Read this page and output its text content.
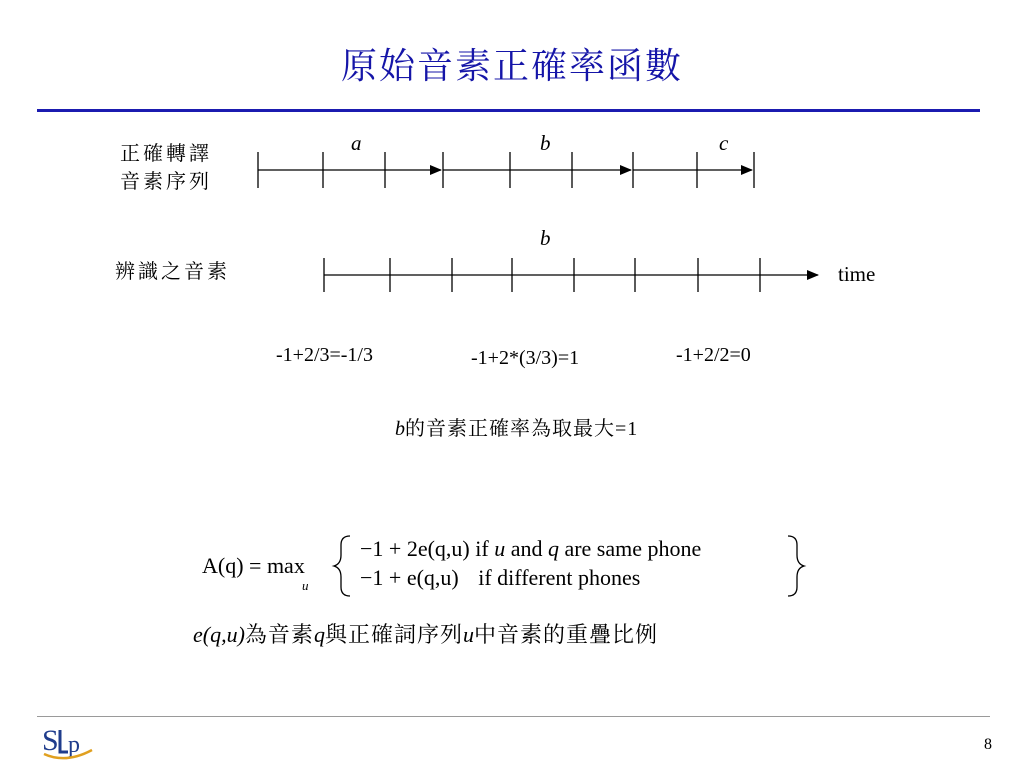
原始音素正確率函數
正確轉譯
音素序列
辨識之音素
a	b	c
b
time
-1+2/3=-1/3	-1+2*(3/3)=1	-1+2/2=0
b的音素正確率為取最大=1
A(q) = max
u
−1 + 2e(q,u) if u and q are same phone
−1 + e(q,u) if different phones
e(q,u)為音素q與正確詞序列u中音素的重疊比例
S p	8
